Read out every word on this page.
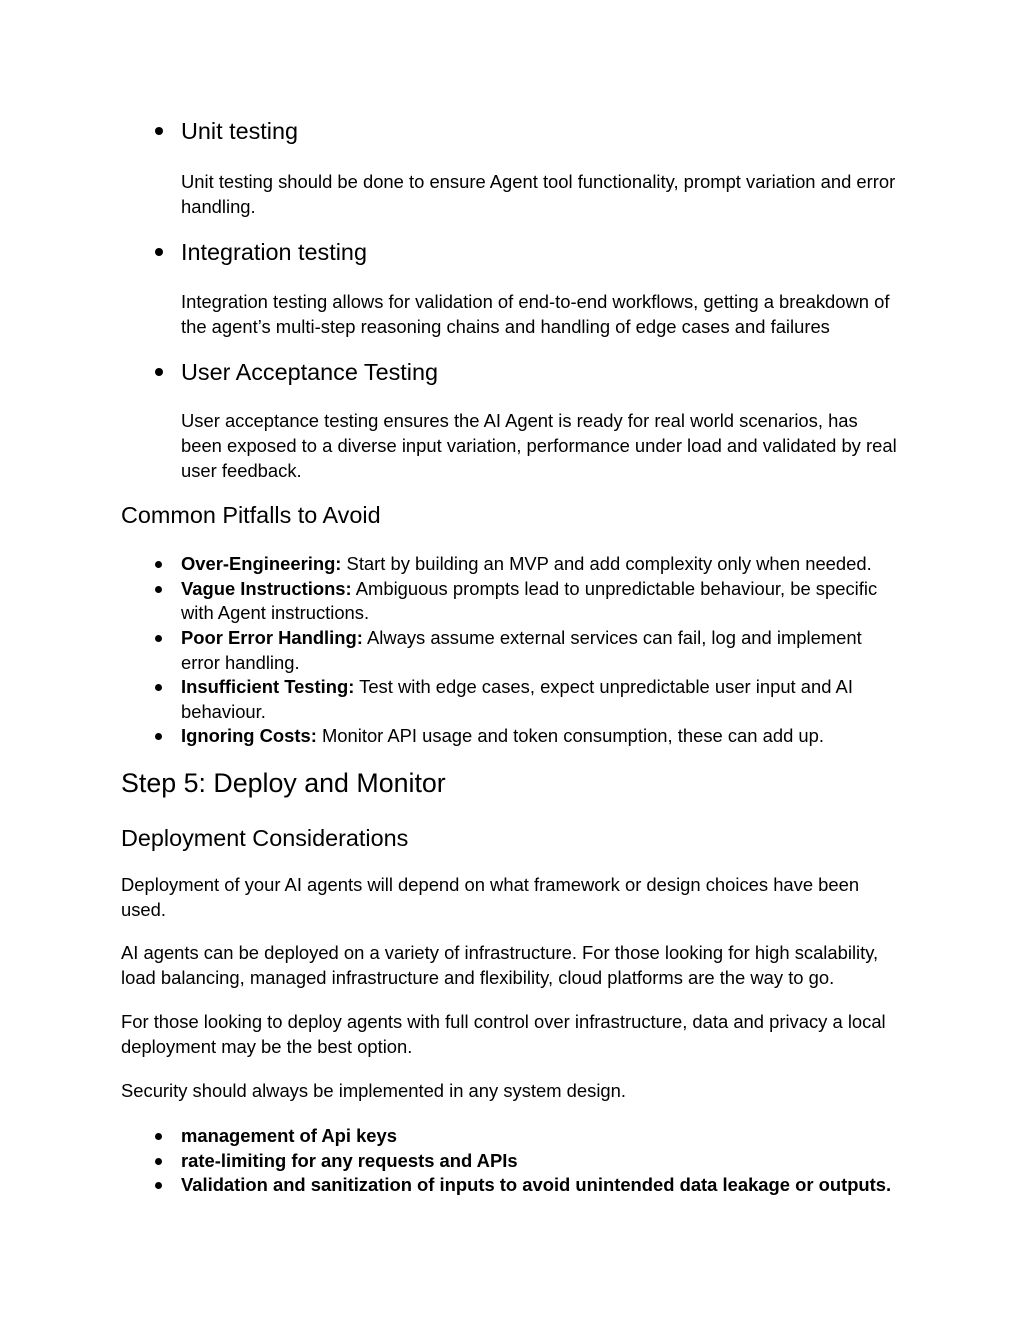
Unit testing

Unit testing should be done to ensure Agent tool functionality, prompt variation and error handling.

Integration testing

Integration testing allows for validation of end-to-end workflows, getting a breakdown of the agent’s multi-step reasoning chains and handling of edge cases and failures

User Acceptance Testing

User acceptance testing ensures the AI Agent is ready for real world scenarios, has been exposed to a diverse input variation, performance under load and validated by real user feedback.

Common Pitfalls to Avoid
Over-Engineering: Start by building an MVP and add complexity only when needed.
Vague Instructions: Ambiguous prompts lead to unpredictable behaviour, be specific with Agent instructions.
Poor Error Handling: Always assume external services can fail, log and implement error handling.
Insufficient Testing: Test with edge cases, expect unpredictable user input and AI behaviour.
Ignoring Costs: Monitor API usage and token consumption, these can add up.
Step 5: Deploy and Monitor
Deployment Considerations

Deployment of your AI agents will depend on what framework or design choices have been used.

AI agents can be deployed on a variety of infrastructure. For those looking for high scalability, load balancing, managed infrastructure and flexibility, cloud platforms are the way to go.

For those looking to deploy agents with full control over infrastructure, data and privacy a local deployment may be the best option.

Security should always be implemented in any system design.

management of Api keys
rate-limiting for any requests and APIs
Validation and sanitization of inputs to avoid unintended data leakage or outputs.
